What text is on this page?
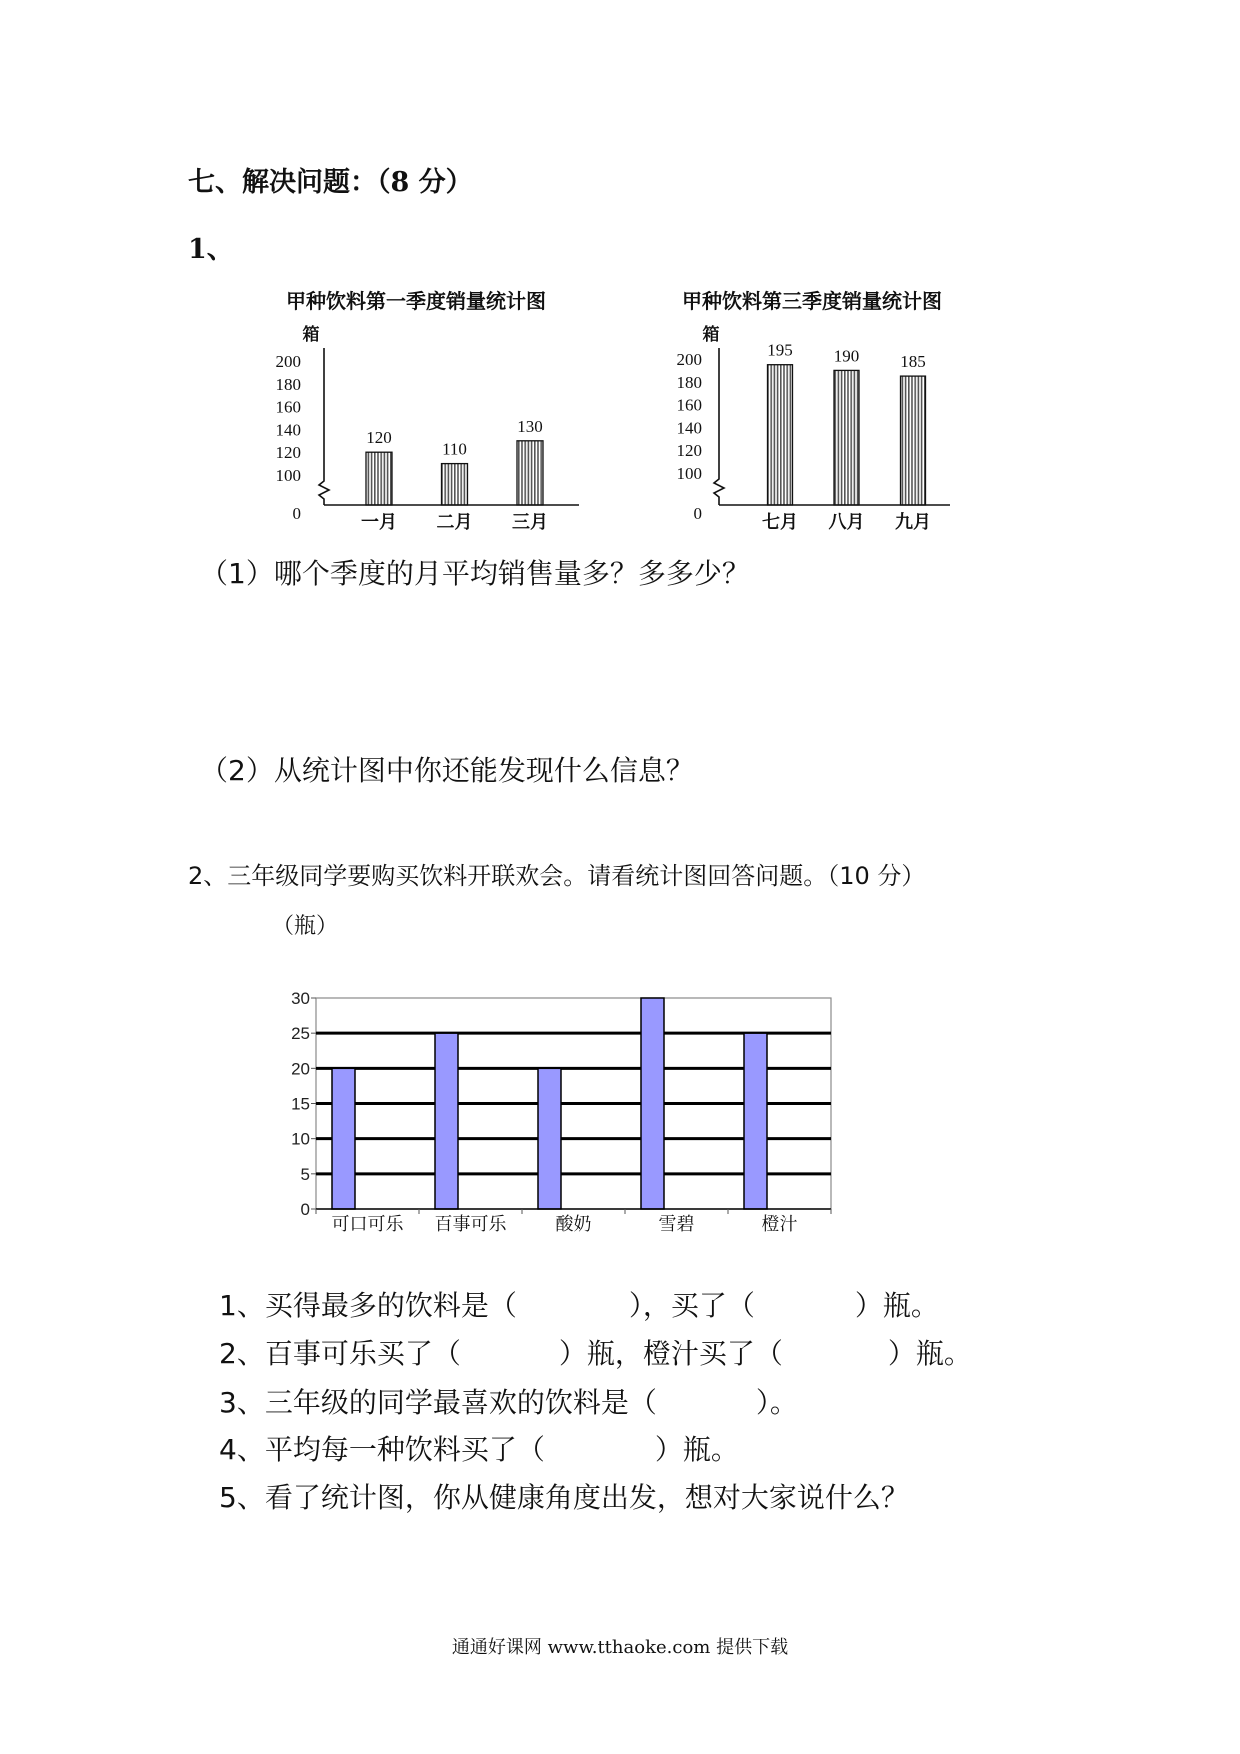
七、解决问题：（8 分）
1、
甲种饮料第一季度销量统计图
箱
200
180
160
140
120
100
0
120
一月
110
二月
130
三月
甲种饮料第三季度销量统计图
箱
200
180
160
140
120
100
0
195
七月
190
八月
185
九月
（1）哪个季度的月平均销售量多？多多少？
（2）从统计图中你还能发现什么信息？
2、三年级同学要购买饮料开联欢会。请看统计图回答问题。（10 分）
（瓶）
30
25
20
15
10
5
0
可口可乐 百事可乐	酸奶	雪碧	橙汁
1、买得最多的饮料是（	），买了（	）瓶。
2、百事可乐买了（	）瓶，橙汁买了（	）瓶。
3、三年级的同学最喜欢的饮料是（	）。
4、平均每一种饮料买了（	）瓶。
5、看了统计图，你从健康角度出发，想对大家说什么？
通通好课网 www.tthaoke.com 提供下载
